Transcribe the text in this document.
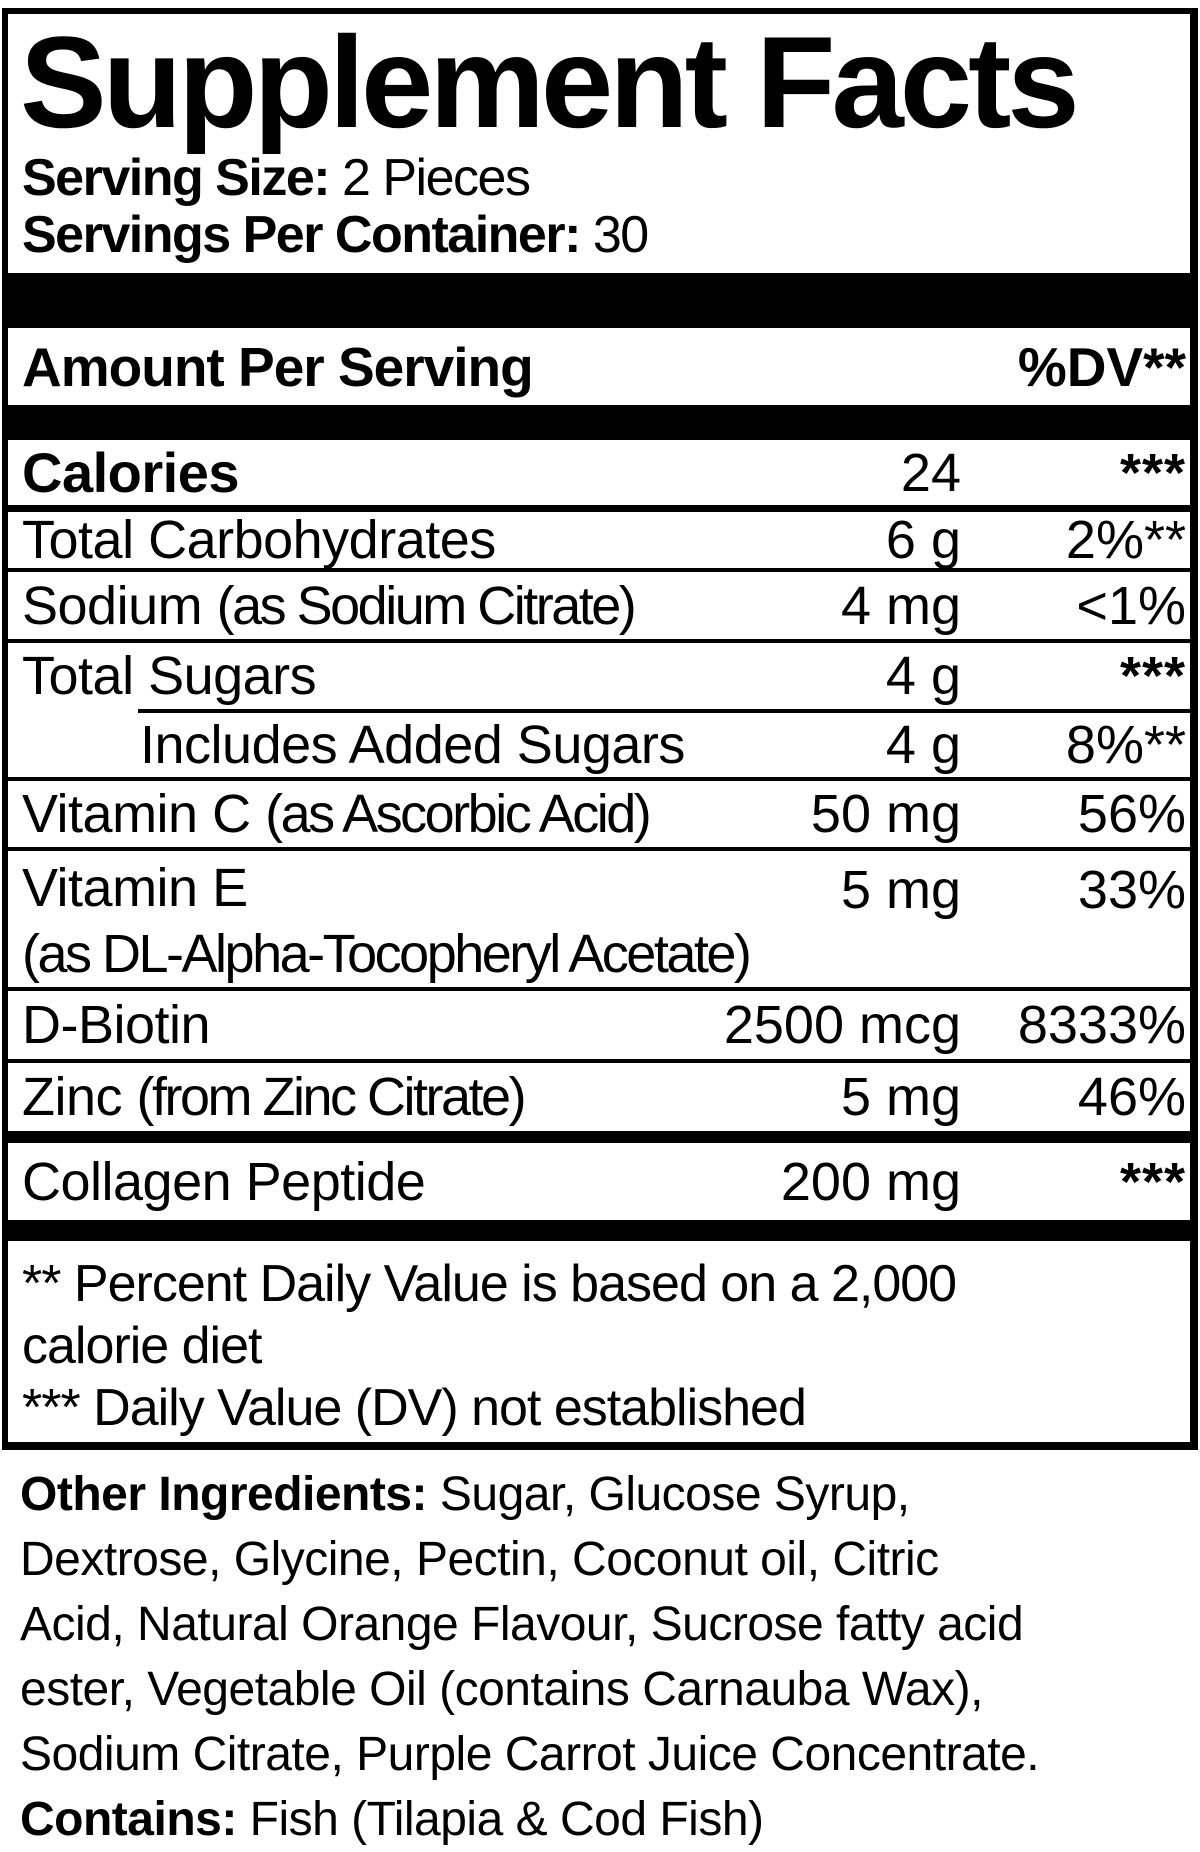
Supplement Facts
Serving Size: 2 Pieces
Servings Per Container: 30
Amount Per Serving	%DV**
Calories	24	***
Total Carbohydrates	6 g	2%**
Sodium (as Sodium Citrate)	4 mg	<1%
Total Sugars	4 g	***
Includes Added Sugars	4 g	8%**
Vitamin C (as Ascorbic Acid)	50 mg	56%
Vitamin E
(as DL-Alpha-Tocopheryl Acetate)
5 mg	33%
D-Biotin	2500 mcg	8333%
Zinc (from Zinc Citrate)	5 mg	46%
Collagen Peptide	200 mg	***
** Percent Daily Value is based on a 2,000
calorie diet
*** Daily Value (DV) not established
Other Ingredients: Sugar, Glucose Syrup,
Dextrose, Glycine, Pectin, Coconut oil, Citric
Acid, Natural Orange Flavour, Sucrose fatty acid
ester, Vegetable Oil (contains Carnauba Wax),
Sodium Citrate, Purple Carrot Juice Concentrate.
Contains: Fish (Tilapia & Cod Fish)
